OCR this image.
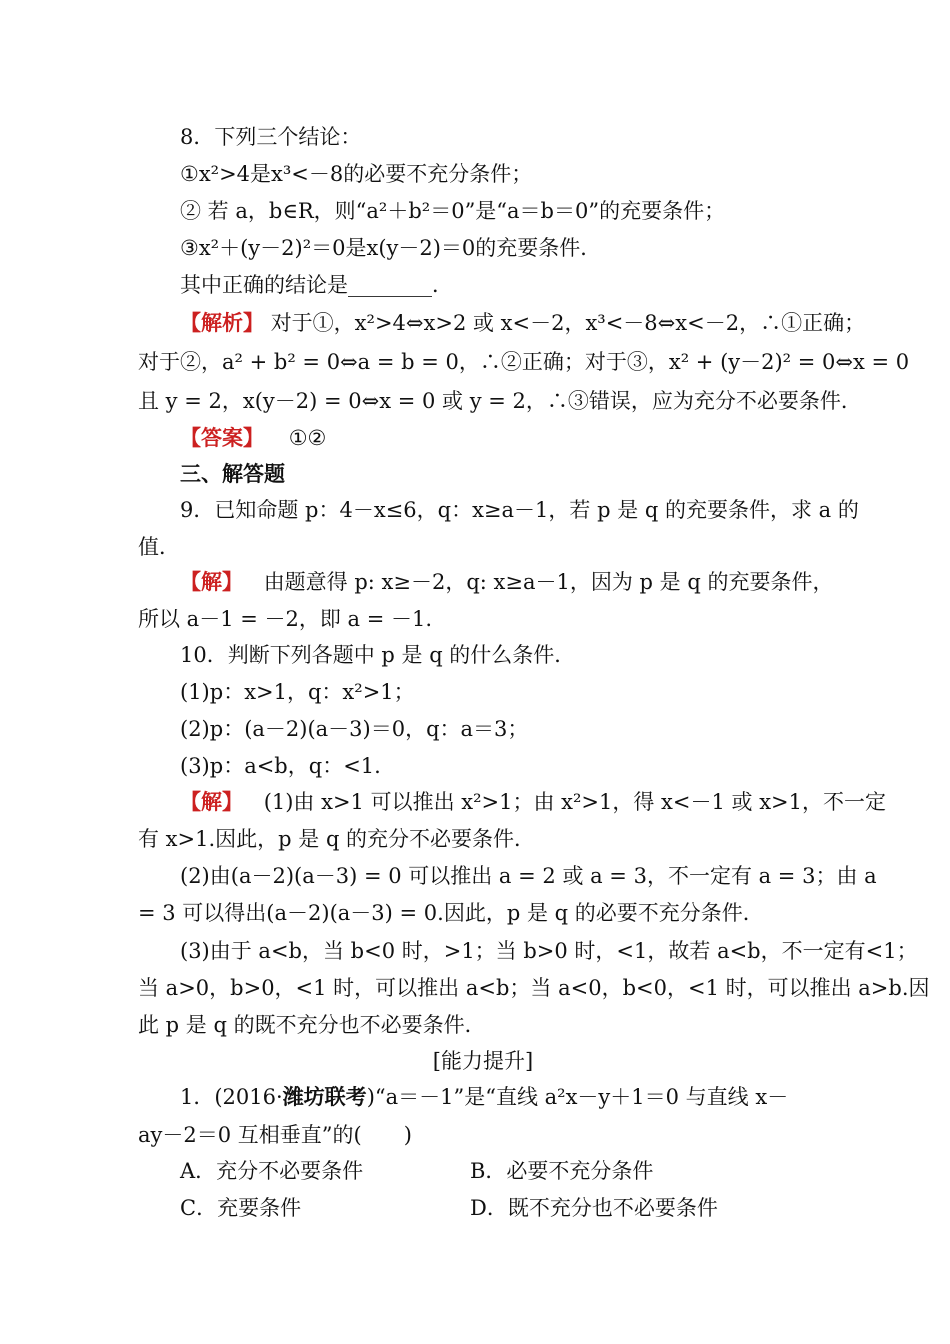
8．下列三个结论：
①x²>4是x³<－8的必要不充分条件；
② 若 a，b∈R，则“a²＋b²＝0”是“a＝b＝0”的充要条件；
③x²＋(y－2)²＝0是x(y－2)＝0的充要条件．
其中正确的结论是________．
【解析】 对于①，x²>4⇔x>2 或 x<－2，x³<－8⇔x<－2，∴①正确；
对于②，a² + b² = 0⇔a = b = 0，∴②正确；对于③，x² + (y－2)² = 0⇔x = 0
且 y = 2，x(y－2) = 0⇔x = 0 或 y = 2，∴③错误，应为充分不必要条件．
【答案】 ①②
三、解答题
9．已知命题 p：4－x≤6，q：x≥a－1，若 p 是 q 的充要条件，求 a 的
值．
【解】 由题意得 p: x≥－2，q: x≥a－1，因为 p 是 q 的充要条件，
所以 a－1 = －2，即 a = －1.
10．判断下列各题中 p 是 q 的什么条件．
(1)p：x>1，q：x²>1；
(2)p：(a－2)(a－3)＝0，q：a＝3；
(3)p：a<b，q：<1.
【解】 (1)由 x>1 可以推出 x²>1；由 x²>1，得 x<－1 或 x>1，不一定
有 x>1.因此，p 是 q 的充分不必要条件．
(2)由(a－2)(a－3) = 0 可以推出 a = 2 或 a = 3，不一定有 a = 3；由 a
= 3 可以得出(a－2)(a－3) = 0.因此，p 是 q 的必要不充分条件．
(3)由于 a<b，当 b<0 时，>1；当 b>0 时，<1，故若 a<b，不一定有<1；
当 a>0，b>0，<1 时，可以推出 a<b；当 a<0，b<0，<1 时，可以推出 a>b.因
此 p 是 q 的既不充分也不必要条件．
[能力提升]
1．(2016·潍坊联考)“a＝－1”是“直线 a²x－y＋1＝0 与直线 x－
ay－2＝0 互相垂直”的(　　)
A．充分不必要条件	B．必要不充分条件
C．充要条件	D．既不充分也不必要条件
